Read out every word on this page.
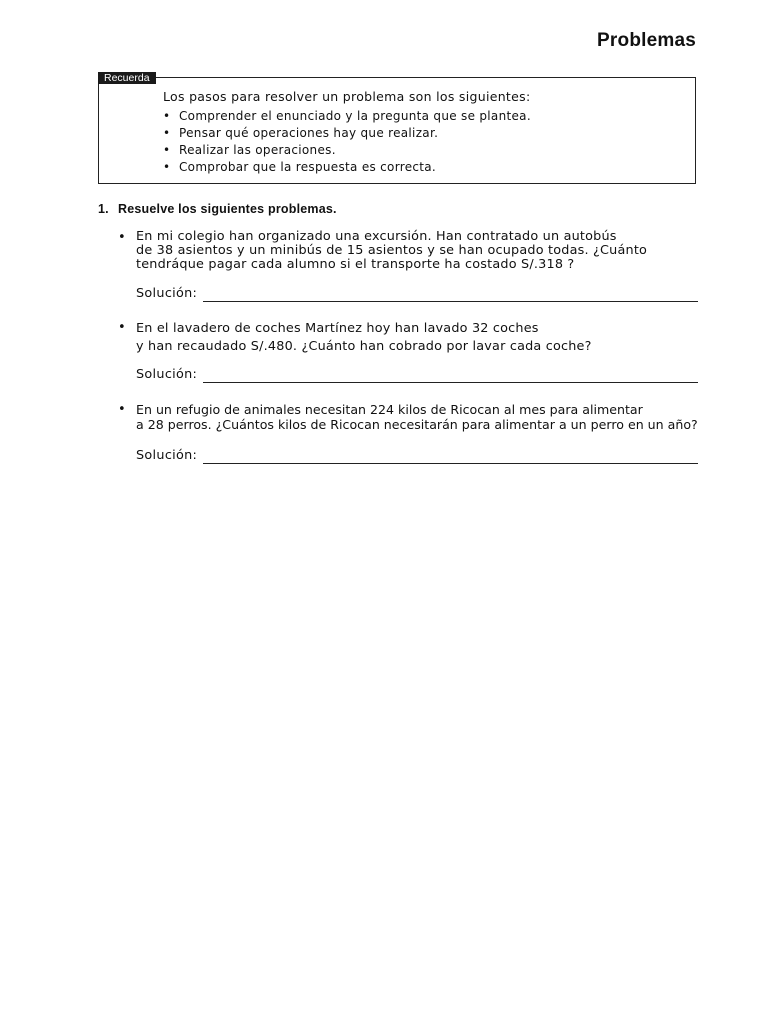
Problemas
Recuerda
Los pasos para resolver un problema son los siguientes:
• Comprender el enunciado y la pregunta que se plantea.
• Pensar qué operaciones hay que realizar.
• Realizar las operaciones.
• Comprobar que la respuesta es correcta.
1. Resuelve los siguientes problemas.
• En mi colegio han organizado una excursión. Han contratado un autobús
de 38 asientos y un minibús de 15 asientos y se han ocupado todas. ¿Cuánto
tendráque pagar cada alumno si el transporte ha costado S/.318 ?
Solución:
• En el lavadero de coches Martínez hoy han lavado 32 coches
y han recaudado S/.480. ¿Cuánto han cobrado por lavar cada coche?
Solución:
• En un refugio de animales necesitan 224 kilos de Ricocan al mes para alimentar
a 28 perros. ¿Cuántos kilos de Ricocan necesitarán para alimentar a un perro en un año?
Solución:
